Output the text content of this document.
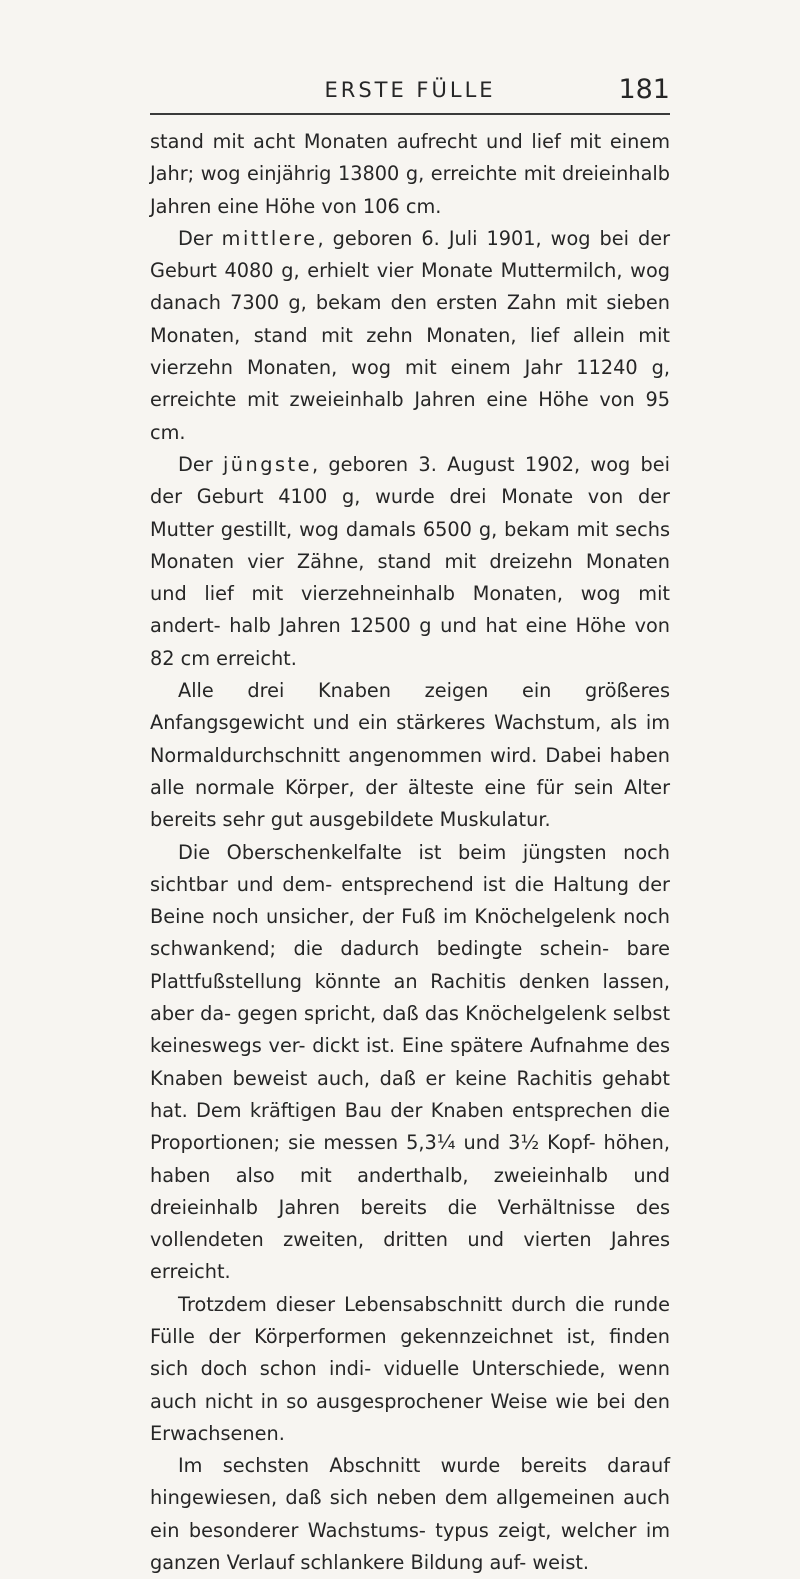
ERSTE FÜLLE	181

stand mit acht Monaten aufrecht und lief mit einem Jahr; wog einjährig 13800 g, erreichte mit dreieinhalb Jahren eine Höhe von 106 cm.

Der mittlere, geboren 6. Juli 1901, wog bei der Geburt 4080 g, erhielt vier Monate Muttermilch, wog danach 7300 g, bekam den ersten Zahn mit sieben Monaten, stand mit zehn Monaten, lief allein mit vierzehn Monaten, wog mit einem Jahr 11240 g, erreichte mit zweieinhalb Jahren eine Höhe von 95 cm.

Der jüngste, geboren 3. August 1902, wog bei der Geburt 4100 g, wurde drei Monate von der Mutter gestillt, wog damals 6500 g, bekam mit sechs Monaten vier Zähne, stand mit dreizehn Monaten und lief mit vierzehneinhalb Monaten, wog mit andert- halb Jahren 12500 g und hat eine Höhe von 82 cm erreicht.

Alle drei Knaben zeigen ein größeres Anfangsgewicht und ein stärkeres Wachstum, als im Normaldurchschnitt angenommen wird. Dabei haben alle normale Körper, der älteste eine für sein Alter bereits sehr gut ausgebildete Muskulatur.

Die Oberschenkelfalte ist beim jüngsten noch sichtbar und dem- entsprechend ist die Haltung der Beine noch unsicher, der Fuß im Knöchelgelenk noch schwankend; die dadurch bedingte schein- bare Plattfußstellung könnte an Rachitis denken lassen, aber da- gegen spricht, daß das Knöchelgelenk selbst keineswegs ver- dickt ist. Eine spätere Aufnahme des Knaben beweist auch, daß er keine Rachitis gehabt hat. Dem kräftigen Bau der Knaben entsprechen die Proportionen; sie messen 5,3¼ und 3½ Kopf- höhen, haben also mit anderthalb, zweieinhalb und dreieinhalb Jahren bereits die Verhältnisse des vollendeten zweiten, dritten und vierten Jahres erreicht.

Trotzdem dieser Lebensabschnitt durch die runde Fülle der Körperformen gekennzeichnet ist, finden sich doch schon indi- viduelle Unterschiede, wenn auch nicht in so ausgesprochener Weise wie bei den Erwachsenen.

Im sechsten Abschnitt wurde bereits darauf hingewiesen, daß sich neben dem allgemeinen auch ein besonderer Wachstums- typus zeigt, welcher im ganzen Verlauf schlankere Bildung auf- weist.
